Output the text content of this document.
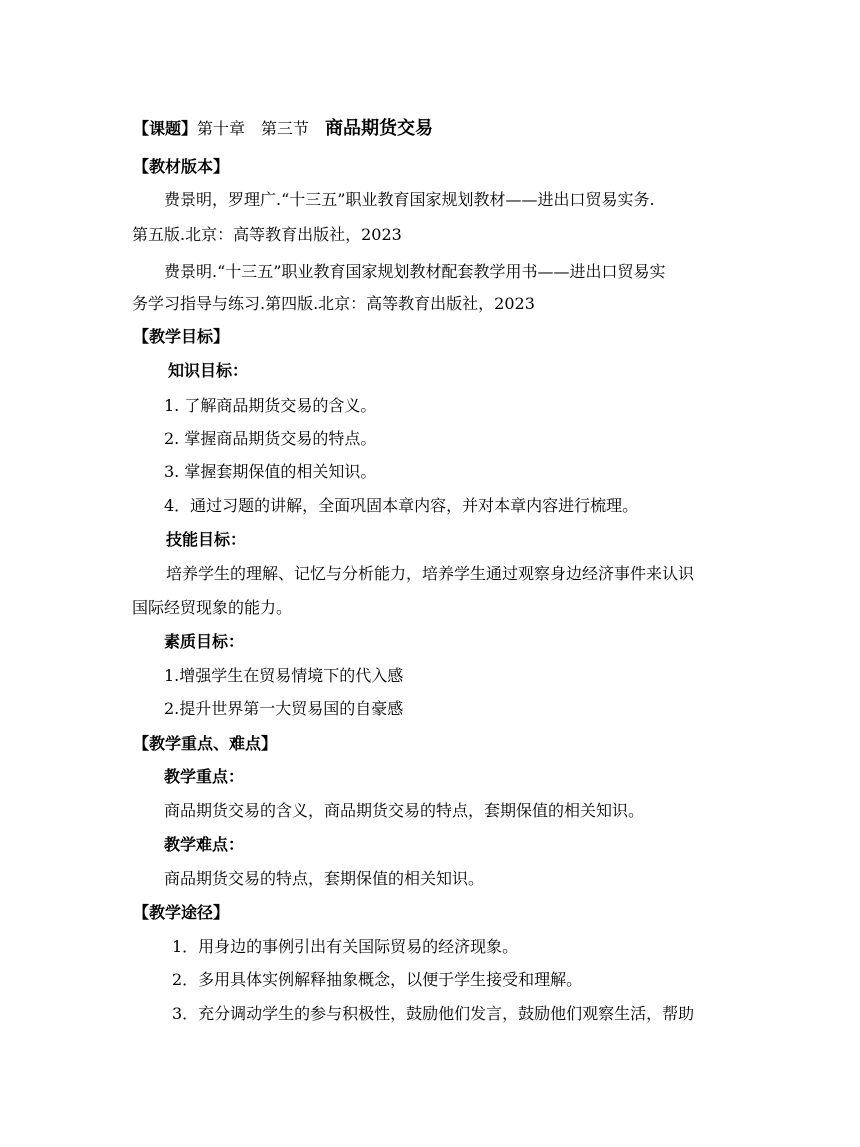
【课题】第十章　第三节 商品期货交易
【教材版本】
费景明，罗理广.“十三五”职业教育国家规划教材——进出口贸易实务.
第五版.北京：高等教育出版社，2023
费景明.“十三五”职业教育国家规划教材配套教学用书——进出口贸易实
务学习指导与练习.第四版.北京：高等教育出版社，2023
【教学目标】
知识目标：
1. 了解商品期货交易的含义。
2. 掌握商品期货交易的特点。
3. 掌握套期保值的相关知识。
4．通过习题的讲解，全面巩固本章内容，并对本章内容进行梳理。
技能目标：
培养学生的理解、记忆与分析能力，培养学生通过观察身边经济事件来认识
国际经贸现象的能力。
素质目标：
1.增强学生在贸易情境下的代入感
2.提升世界第一大贸易国的自豪感
【教学重点、难点】
教学重点：
商品期货交易的含义，商品期货交易的特点，套期保值的相关知识。
教学难点：
商品期货交易的特点，套期保值的相关知识。
【教学途径】
1．用身边的事例引出有关国际贸易的经济现象。
2．多用具体实例解释抽象概念，以便于学生接受和理解。
3．充分调动学生的参与积极性，鼓励他们发言，鼓励他们观察生活，帮助
